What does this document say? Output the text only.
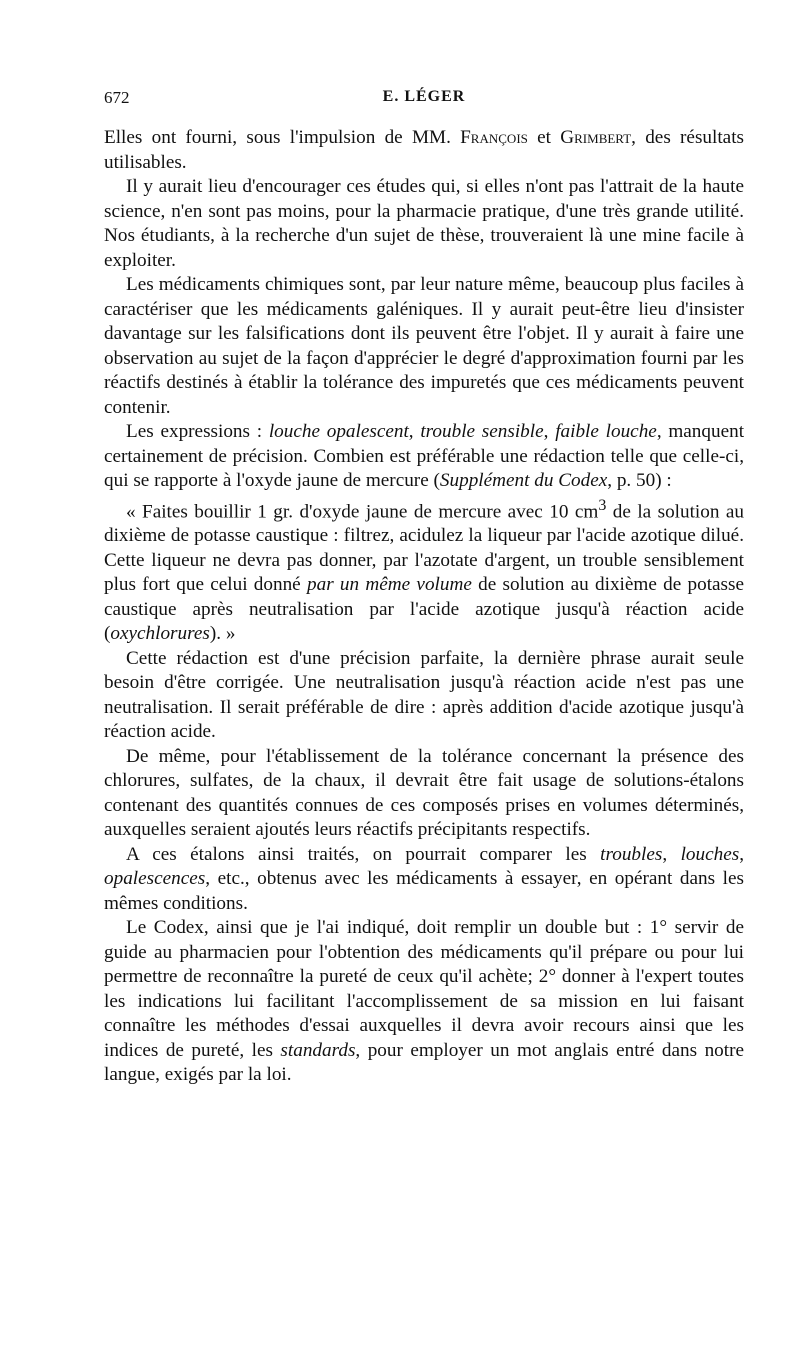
672	E. LÉGER

Elles ont fourni, sous l'impulsion de MM. François et Grimbert, des résultats utilisables.

Il y aurait lieu d'encourager ces études qui, si elles n'ont pas l'attrait de la haute science, n'en sont pas moins, pour la pharmacie pratique, d'une très grande utilité. Nos étudiants, à la recherche d'un sujet de thèse, trouveraient là une mine facile à exploiter.

Les médicaments chimiques sont, par leur nature même, beaucoup plus faciles à caractériser que les médicaments galéniques. Il y aurait peut-être lieu d'insister davantage sur les falsifications dont ils peuvent être l'objet. Il y aurait à faire une observation au sujet de la façon d'apprécier le degré d'approximation fourni par les réactifs destinés à établir la tolérance des impuretés que ces médicaments peuvent contenir.

Les expressions : louche opalescent, trouble sensible, faible louche, manquent certainement de précision. Combien est préférable une rédaction telle que celle-ci, qui se rapporte à l'oxyde jaune de mercure (Supplément du Codex, p. 50) :

« Faites bouillir 1 gr. d'oxyde jaune de mercure avec 10 $cm^3$ de la solution au dixième de potasse caustique : filtrez, acidulez la liqueur par l'acide azotique dilué. Cette liqueur ne devra pas donner, par l'azotate d'argent, un trouble sensiblement plus fort que celui donné par un même volume de solution au dixième de potasse caustique après neutralisation par l'acide azotique jusqu'à réaction acide (oxychlorures). »

Cette rédaction est d'une précision parfaite, la dernière phrase aurait seule besoin d'être corrigée. Une neutralisation jusqu'à réaction acide n'est pas une neutralisation. Il serait préférable de dire : après addition d'acide azotique jusqu'à réaction acide.

De même, pour l'établissement de la tolérance concernant la présence des chlorures, sulfates, de la chaux, il devrait être fait usage de solutions-étalons contenant des quantités connues de ces composés prises en volumes déterminés, auxquelles seraient ajoutés leurs réactifs précipitants respectifs.

A ces étalons ainsi traités, on pourrait comparer les troubles, louches, opalescences, etc., obtenus avec les médicaments à essayer, en opérant dans les mêmes conditions.

Le Codex, ainsi que je l'ai indiqué, doit remplir un double but : 1° servir de guide au pharmacien pour l'obtention des médicaments qu'il prépare ou pour lui permettre de reconnaître la pureté de ceux qu'il achète; 2° donner à l'expert toutes les indications lui facilitant l'accomplissement de sa mission en lui faisant connaître les méthodes d'essai auxquelles il devra avoir recours ainsi que les indices de pureté, les standards, pour employer un mot anglais entré dans notre langue, exigés par la loi.
